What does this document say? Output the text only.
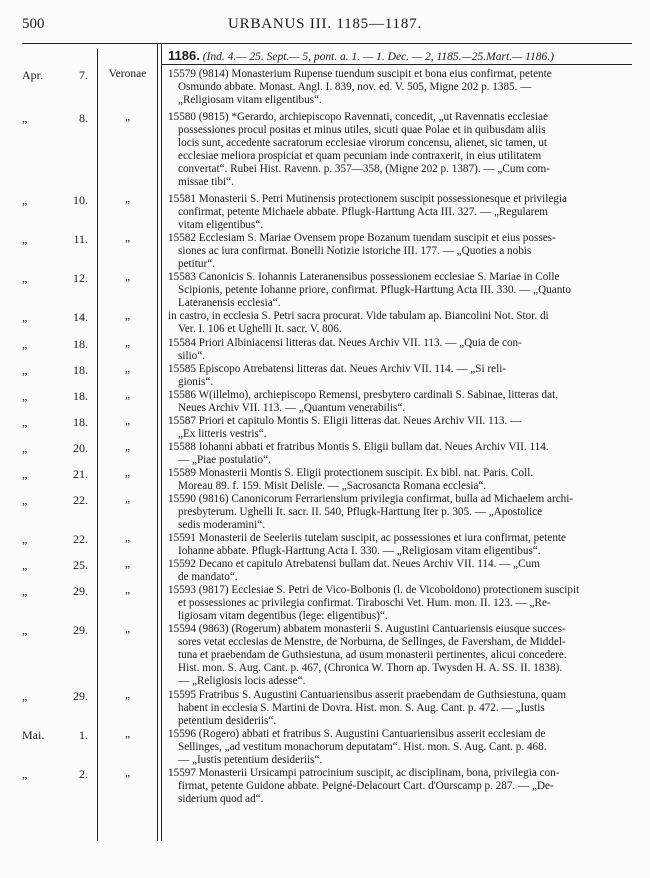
500	URBANUS III. 1185—1187.
1186. (Ind. 4.— 25. Sept.— 5, pont. a. 1. — 1. Dec. — 2, 1185.—25.Mart.— 1186.)
Apr.	7.	Veronae	15579 (9814) Monasterium Rupense tuendum suscipit et bona eius confirmat, petente
Osmundo abbate. Monast. Angl. I. 839, nov. ed. V. 505, Migne 202 p. 1385. —
„Religiosam vitam eligentibus“.
„	8.	„	15580 (9815) *Gerardo, archiepiscopo Ravennati, concedit, „ut Ravennatis ecclesiae
possessiones procul positas et minus utiles, sicuti quae Polae et in quibusdam aliis
locis sunt, accedente sacratorum ecclesiae virorum concensu, alienet, sic tamen, ut
ecclesiae meliora prospiciat et quam pecuniam inde contraxerit, in eius utilitatem
convertat“. Rubei Hist. Ravenn. p. 357—358, (Migne 202 p. 1387). — „Cum com-
missae tibi“.
„	10.	„	15581 Monasterii S. Petri Mutinensis protectionem suscipit possessionesque et privilegia
confirmat, petente Michaele abbate. Pflugk-Harttung Acta III. 327. — „Regularem
vitam eligentibus“.
„	11.	„	15582 Ecclesiam S. Mariae Ovensem prope Bozanum tuendam suscipit et eius posses-
siones ac iura confirmat. Bonelli Notizie istoriche III. 177. — „Quoties a nobis
petitur“.
„	12.	„	15583 Canonicis S. Iohannis Lateranensibus possessionem ecclesiae S. Mariae in Colle
Scipionis, petente Iohanne priore, confirmat. Pflugk-Harttung Acta III. 330. — „Quanto
Lateranensis ecclesia“.
„	14.	„	in castro, in ecclesia S. Petri sacra procurat. Vide tabulam ap. Biancolini Not. Stor. di
Ver. I. 106 et Ughelli It. sacr. V. 806.
„	18.	„	15584 Priori Albiniacensi litteras dat. Neues Archiv VII. 113. — „Quia de con-
silio“.
„	18.	„	15585 Episcopo Atrebatensi litteras dat. Neues Archiv VII. 114. — „Si reli-
gionis“.
„	18.	„	15586 W(illelmo), archiepiscopo Remensi, presbytero cardinali S. Sabinae, litteras dat.
Neues Archiv VII. 113. — „Quantum venerabilis“.
„	18.	„	15587 Priori et capitulo Montis S. Eligii litteras dat. Neues Archiv VII. 113. —
„Ex litteris vestris“.
„	20.	„	15588 Iohanni abbati et fratribus Montis S. Eligii bullam dat. Neues Archiv VII. 114.
— „Piae postulatio“.
„	21.	„	15589 Monasterii Montis S. Eligii protectionem suscipit. Ex bibl. nat. Paris. Coll.
Moreau 89. f. 159. Misit Delisle. — „Sacrosancta Romana ecclesia“.
„	22.	„	15590 (9816) Canonicorum Ferrariensium privilegia confirmat, bulla ad Michaelem archi-
presbyterum. Ughelli It. sacr. II. 540, Pflugk-Harttung Iter p. 305. — „Apostolice
sedis moderamini“.
„	22.	„	15591 Monasterii de Seeleriis tutelam suscipit, ac possessiones et iura confirmat, petente
Iohanne abbate. Pflugk-Harttung Acta I. 330. — „Religiosam vitam eligentibus“.
„	25.	„	15592 Decano et capitulo Atrebatensi bullam dat. Neues Archiv VII. 114. — „Cum
de mandato“.
„	29.	„	15593 (9817) Ecclesiae S. Petri de Vico-Bolbonis (l. de Vicoboldono) protectionem suscipit
et possessiones ac privilegia confirmat. Tiraboschi Vet. Hum. mon. II. 123. — „Re-
ligiosam vitam degentibus (lege: eligentibus)“.
„	29.	„	15594 (9863) (Rogerum) abbatem monasterii S. Augustini Cantuariensis eiusque succes-
sores vetat ecclesias de Menstre, de Norburna, de Sellinges, de Faversham, de Middel-
tuna et praebendam de Guthsiestuna, ad usum monasterii pertinentes, alicui concedere.
Hist. mon. S. Aug. Cant. p. 467, (Chronica W. Thorn ap. Twysden H. A. SS. II. 1838).
— „Religiosis locis adesse“.
„	29.	„	15595 Fratribus S. Augustini Cantuariensibus asserit praebendam de Guthsiestuna, quam
habent in ecclesia S. Martini de Dovra. Hist. mon. S. Aug. Cant. p. 472. — „Iustis
petentium desideriis“.
Mai.	1.	„	15596 (Rogero) abbati et fratribus S. Augustini Cantuariensibus asserit ecclesiam de
Sellinges, „ad vestitum monachorum deputatam“. Hist. mon. S. Aug. Cant. p. 468.
— „Iustis petentium desideriis“.
„	2.	„	15597 Monasterii Ursicampi patrocinium suscipit, ac disciplinam, bona, privilegia con-
firmat, petente Guidone abbate. Peigné-Delacourt Cart. d'Ourscamp p. 287. — „De-
siderium quod ad“.
